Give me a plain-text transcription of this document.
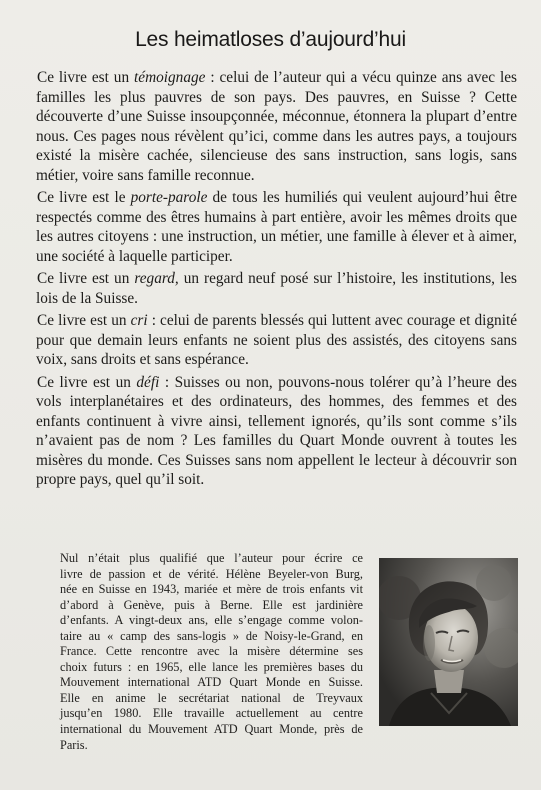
Les heimatloses d’aujourd’hui

Ce livre est un témoignage : celui de l’auteur qui a vécu quinze ans avec les familles les plus pauvres de son pays. Des pauvres, en Suisse ? Cette découverte d’une Suisse insoupçonnée, méconnue, étonnera la plupart d’entre nous. Ces pages nous révèlent qu’ici, comme dans les autres pays, a toujours existé la misère cachée, silencieuse des sans instruction, sans logis, sans métier, voire sans famille reconnue.

Ce livre est le porte-parole de tous les humiliés qui veulent aujourd’hui être respectés comme des êtres humains à part entière, avoir les mêmes droits que les autres citoyens : une instruction, un métier, une famille à élever et à aimer, une société à laquelle participer.

Ce livre est un regard, un regard neuf posé sur l’histoire, les institutions, les lois de la Suisse.

Ce livre est un cri : celui de parents blessés qui luttent avec courage et dignité pour que demain leurs enfants ne soient plus des assistés, des citoyens sans voix, sans droits et sans espérance.

Ce livre est un défi : Suisses ou non, pouvons-nous tolérer qu’à l’heure des vols interplanétaires et des ordinateurs, des hommes, des femmes et des enfants continuent à vivre ainsi, tellement ignorés, qu’ils sont comme s’ils n’avaient pas de nom ? Les familles du Quart Monde ouvrent à toutes les misères du monde. Ces Suisses sans nom appellent le lecteur à découvrir son propre pays, quel qu’il soit.

Nul n’était plus qualifié que l’auteur pour écrire ce
livre de passion et de vérité. Hélène Beyeler-von Burg,
née en Suisse en 1943, mariée et mère de trois enfants vit
d’abord à Genève, puis à Berne. Elle est jardinière
d’enfants. A vingt-deux ans, elle s’engage comme volon-
taire au « camp des sans-logis » de Noisy-le-Grand, en
France. Cette rencontre avec la misère détermine ses
choix futurs : en 1965, elle lance les premières bases du
Mouvement international ATD Quart Monde en Suisse.
Elle en anime le secrétariat national de Treyvaux
jusqu’en 1980. Elle travaille actuellement au centre
international du Mouvement ATD Quart Monde, près de
Paris.
